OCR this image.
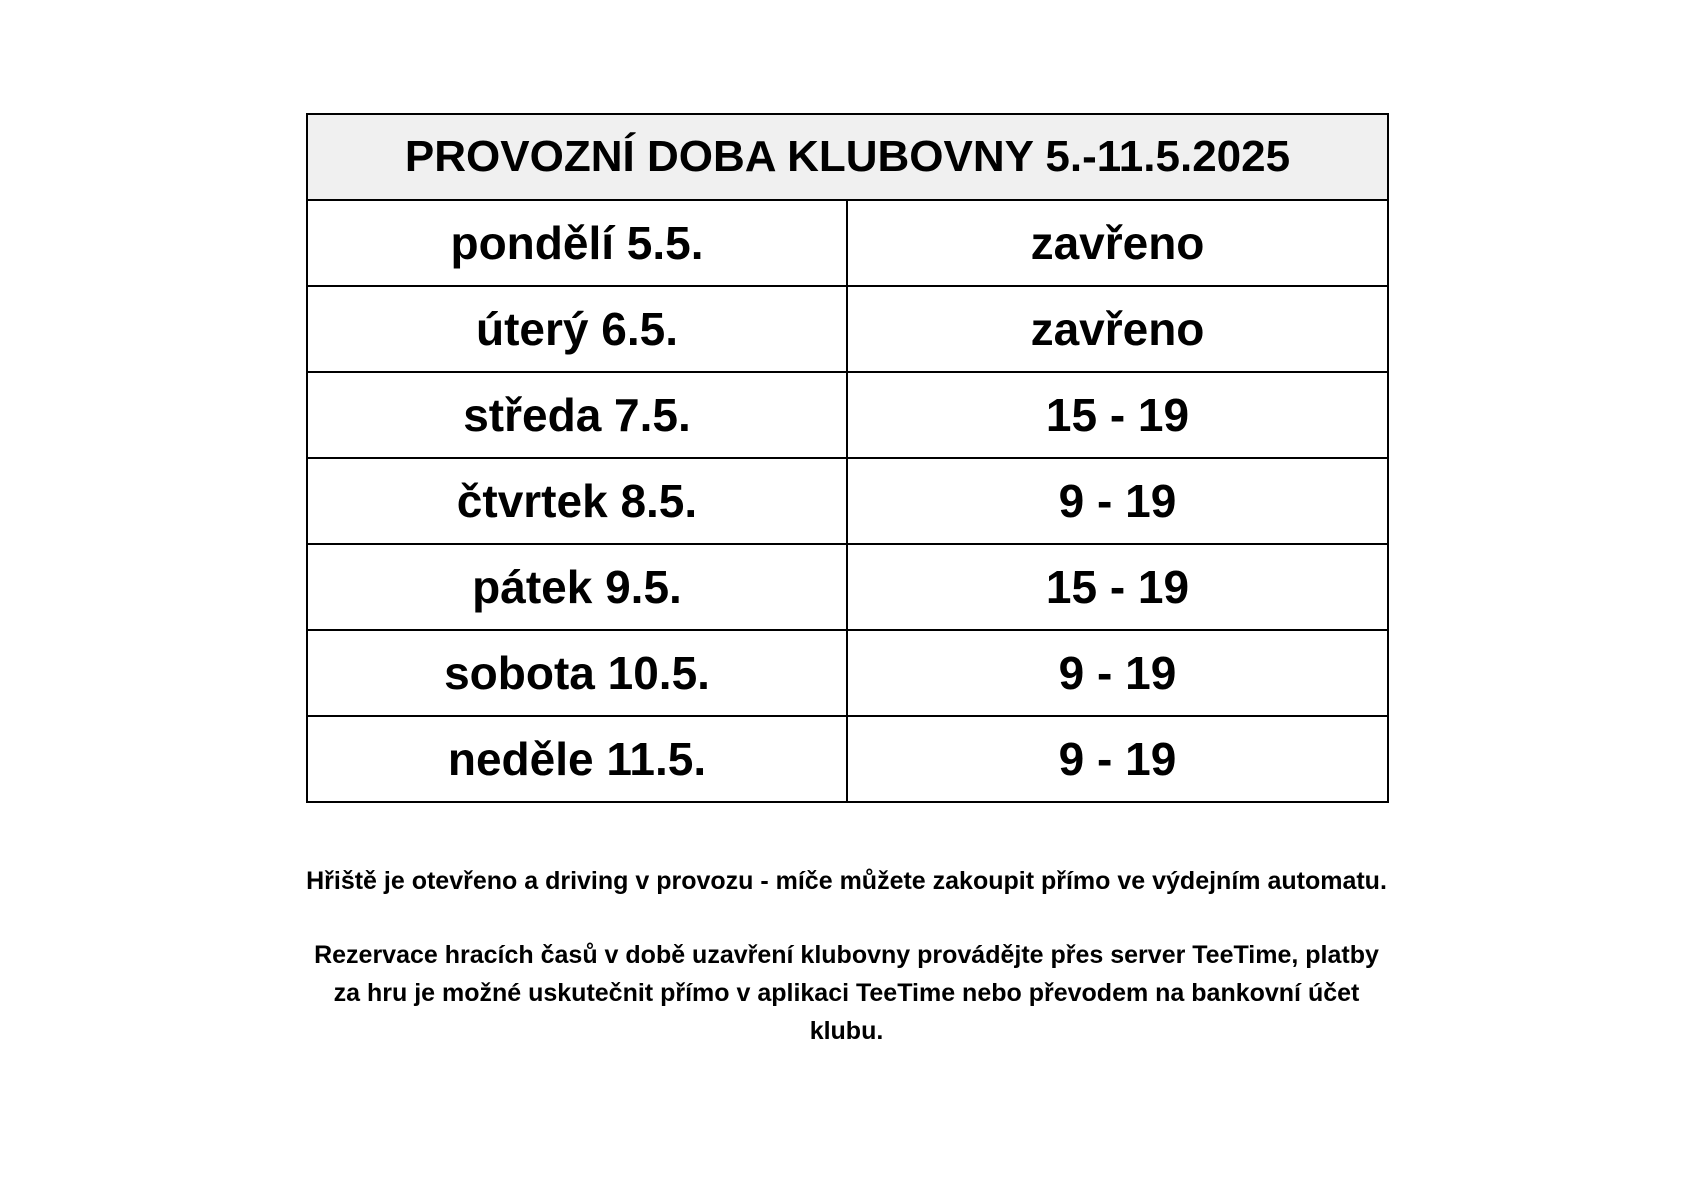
PROVOZNÍ DOBA KLUBOVNY 5.-11.5.2025	
pondělí 5.5.	zavřeno
úterý 6.5.	zavřeno
středa 7.5.	15 - 19
čtvrtek 8.5.	9 - 19
pátek 9.5.	15 - 19
sobota 10.5.	9 - 19
neděle 11.5.	9 - 19

Hřiště je otevřeno a driving v provozu - míče můžete zakoupit přímo ve výdejním automatu.

Rezervace hracích časů v době uzavření klubovny provádějte přes server TeeTime, platby za hru je možné uskutečnit přímo v aplikaci TeeTime nebo převodem na bankovní účet klubu.
